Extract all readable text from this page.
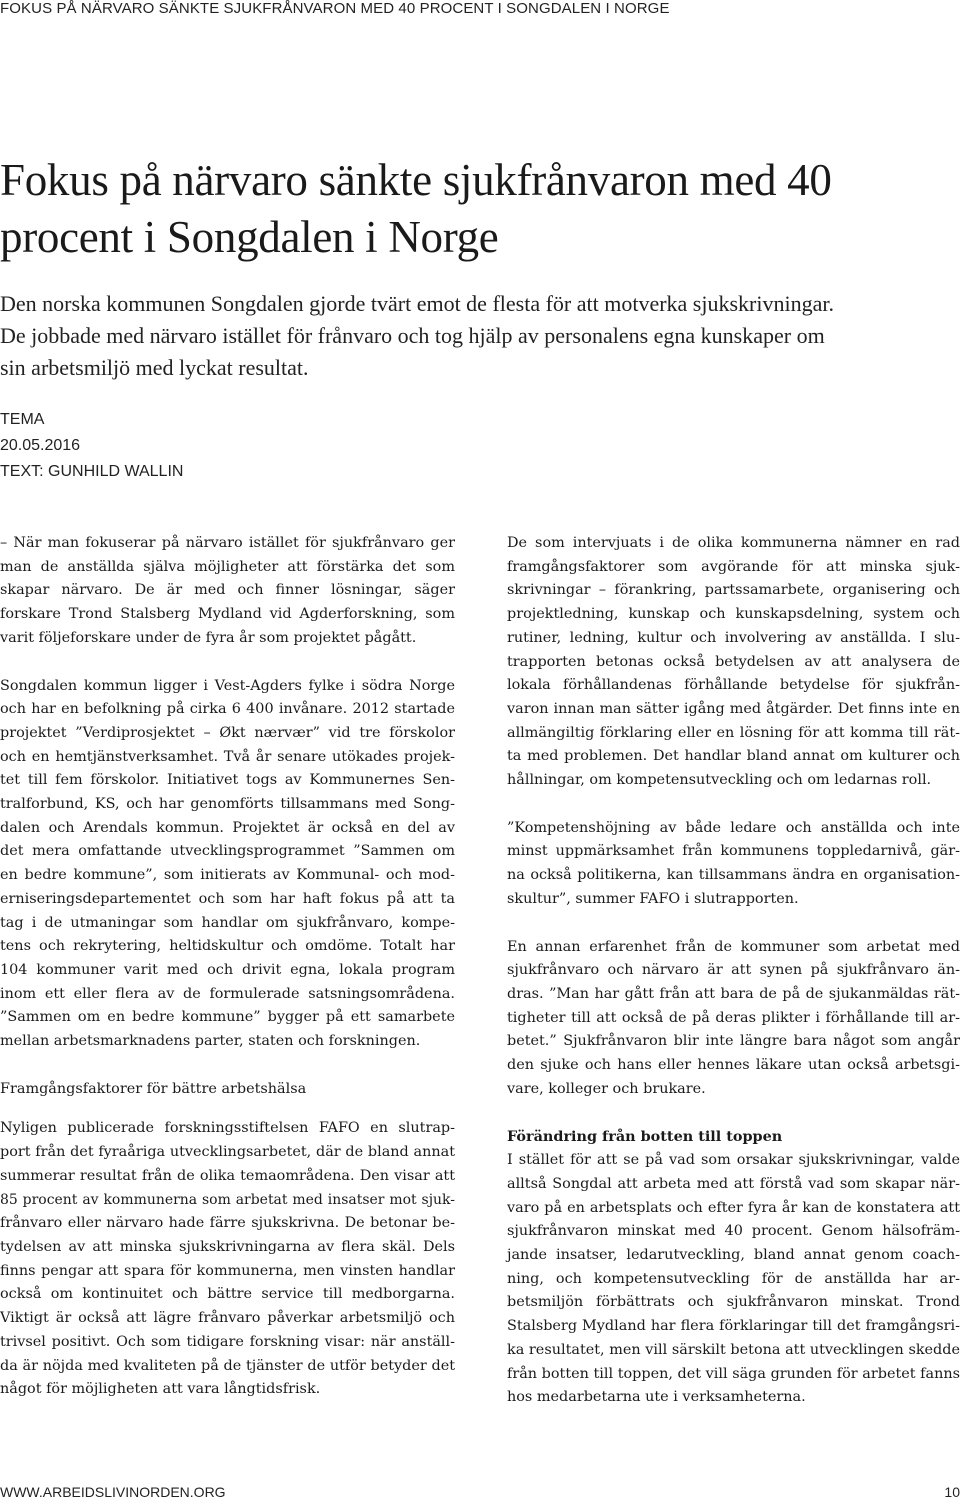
FOKUS PÅ NÄRVARO SÄNKTE SJUKFRÅNVARON MED 40 PROCENT I SONGDALEN I NORGE
Fokus på närvaro sänkte sjukfrånvaron med 40
procent i Songdalen i Norge
Den norska kommunen Songdalen gjorde tvärt emot de flesta för att motverka sjukskrivningar.
De jobbade med närvaro istället för frånvaro och tog hjälp av personalens egna kunskaper om
sin arbetsmiljö med lyckat resultat.
TEMA
20.05.2016
TEXT: GUNHILD WALLIN

– När man fokuserar på närvaro istället för sjukfrånvaro ger
man de anställda själva möjligheter att förstärka det som
skapar närvaro. De är med och finner lösningar, säger
forskare Trond Stalsberg Mydland vid Agderforskning, som
varit följeforskare under de fyra år som projektet pågått.

Songdalen kommun ligger i Vest-Agders fylke i södra Norge
och har en befolkning på cirka 6 400 invånare. 2012 startade
projektet ”Verdiprosjektet – Økt nærvær” vid tre förskolor
och en hemtjänstverksamhet. Två år senare utökades projek-
tet till fem förskolor. Initiativet togs av Kommunernes Sen-
tralforbund, KS, och har genomförts tillsammans med Song-
dalen och Arendals kommun. Projektet är också en del av
det mera omfattande utvecklingsprogrammet ”Sammen om
en bedre kommune”, som initierats av Kommunal- och mod-
erniseringsdepartementet och som har haft fokus på att ta
tag i de utmaningar som handlar om sjukfrånvaro, kompe-
tens och rekrytering, heltidskultur och omdöme. Totalt har
104 kommuner varit med och drivit egna, lokala program
inom ett eller flera av de formulerade satsningsområdena.
”Sammen om en bedre kommune” bygger på ett samarbete
mellan arbetsmarknadens parter, staten och forskningen.

Framgångsfaktorer för bättre arbetshälsa

Nyligen publicerade forskningsstiftelsen FAFO en slutrap-
port från det fyraåriga utvecklingsarbetet, där de bland annat
summerar resultat från de olika temaområdena. Den visar att
85 procent av kommunerna som arbetat med insatser mot sjuk-
frånvaro eller närvaro hade färre sjukskrivna. De betonar be-
tydelsen av att minska sjukskrivningarna av flera skäl. Dels
finns pengar att spara för kommunerna, men vinsten handlar
också om kontinuitet och bättre service till medborgarna.
Viktigt är också att lägre frånvaro påverkar arbetsmiljö och
trivsel positivt. Och som tidigare forskning visar: när anställ-
da är nöjda med kvaliteten på de tjänster de utför betyder det
något för möjligheten att vara långtidsfrisk.

De som intervjuats i de olika kommunerna nämner en rad
framgångsfaktorer som avgörande för att minska sjuk-
skrivningar – förankring, partssamarbete, organisering och
projektledning, kunskap och kunskapsdelning, system och
rutiner, ledning, kultur och involvering av anställda. I slu-
trapporten betonas också betydelsen av att analysera de
lokala förhållandenas förhållande betydelse för sjukfrån-
varon innan man sätter igång med åtgärder. Det finns inte en
allmängiltig förklaring eller en lösning för att komma till rät-
ta med problemen. Det handlar bland annat om kulturer och
hållningar, om kompetensutveckling och om ledarnas roll.

”Kompetenshöjning av både ledare och anställda och inte
minst uppmärksamhet från kommunens toppledarnivå, gär-
na också politikerna, kan tillsammans ändra en organisation-
skultur”, summer FAFO i slutrapporten.

En annan erfarenhet från de kommuner som arbetat med
sjukfrånvaro och närvaro är att synen på sjukfrånvaro än-
dras. ”Man har gått från att bara de på de sjukanmäldas rät-
tigheter till att också de på deras plikter i förhållande till ar-
betet.” Sjukfrånvaron blir inte längre bara något som angår
den sjuke och hans eller hennes läkare utan också arbetsgi-
vare, kolleger och brukare.

Förändring från botten till toppen

I stället för att se på vad som orsakar sjukskrivningar, valde
alltså Songdal att arbeta med att förstå vad som skapar när-
varo på en arbetsplats och efter fyra år kan de konstatera att
sjukfrånvaron minskat med 40 procent. Genom hälsofräm-
jande insatser, ledarutveckling, bland annat genom coach-
ning, och kompetensutveckling för de anställda har ar-
betsmiljön förbättrats och sjukfrånvaron minskat. Trond
Stalsberg Mydland har flera förklaringar till det framgångsri-
ka resultatet, men vill särskilt betona att utvecklingen skedde
från botten till toppen, det vill säga grunden för arbetet fanns
hos medarbetarna ute i verksamheterna.

WWW.ARBEIDSLIVINORDEN.ORG	10
